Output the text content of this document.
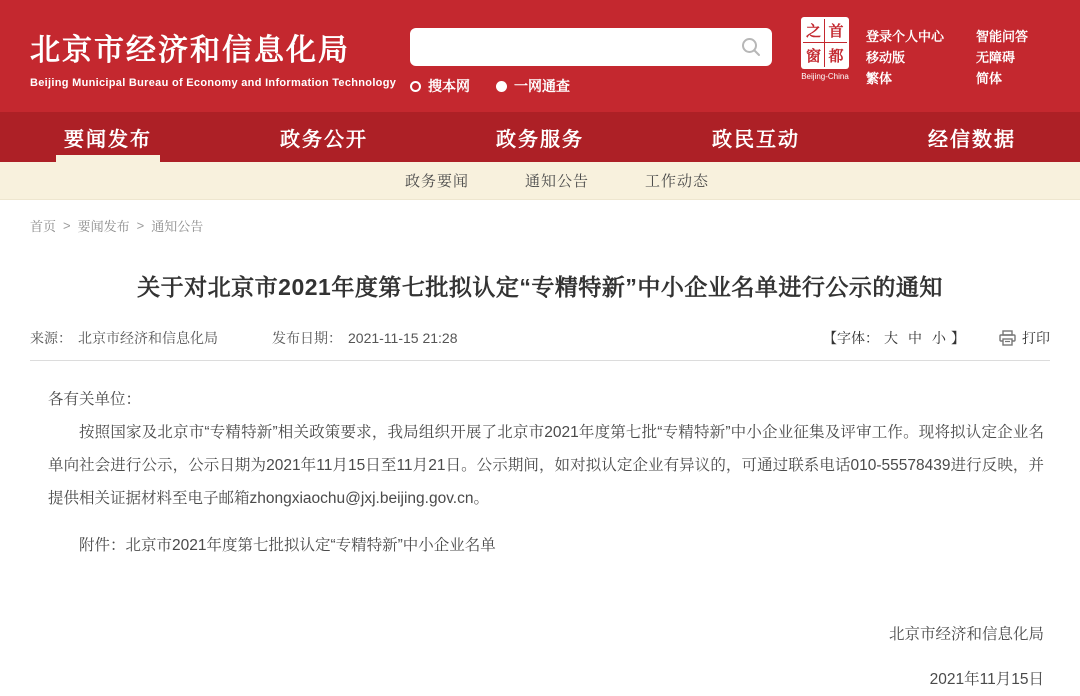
北京市经济和信息化局
Beijing Municipal Bureau of Economy and Information Technology 搜本网	一网通查
之 首
窗 都
Beijing-China
登录个人中心
移动版
繁体
智能问答
无障碍
简体
要闻发布	政务公开	政务服务	政民互动	经信数据
政务要闻	通知公告	工作动态
首页 > 要闻发布 > 通知公告
关于对北京市2021年度第七批拟认定“专精特新”中小企业名单进行公示的通知
来源： 北京市经济和信息化局	发布日期： 2021-11-15 21:28	【字体： 大 中 小 】	打印

各有关单位：

按照国家及北京市“专精特新”相关政策要求，我局组织开展了北京市2021年度第七批“专精特新”中小企业征集及评审工作。现将拟认定企业名单向社会进行公示，公示日期为2021年11月15日至11月21日。公示期间，如对拟认定企业有异议的，可通过联系电话010-55578439进行反映，并提供相关证据材料至电子邮箱zhongxiaochu@jxj.beijing.gov.cn。

附件：北京市2021年度第七批拟认定“专精特新”中小企业名单

北京市经济和信息化局
2021年11月15日
